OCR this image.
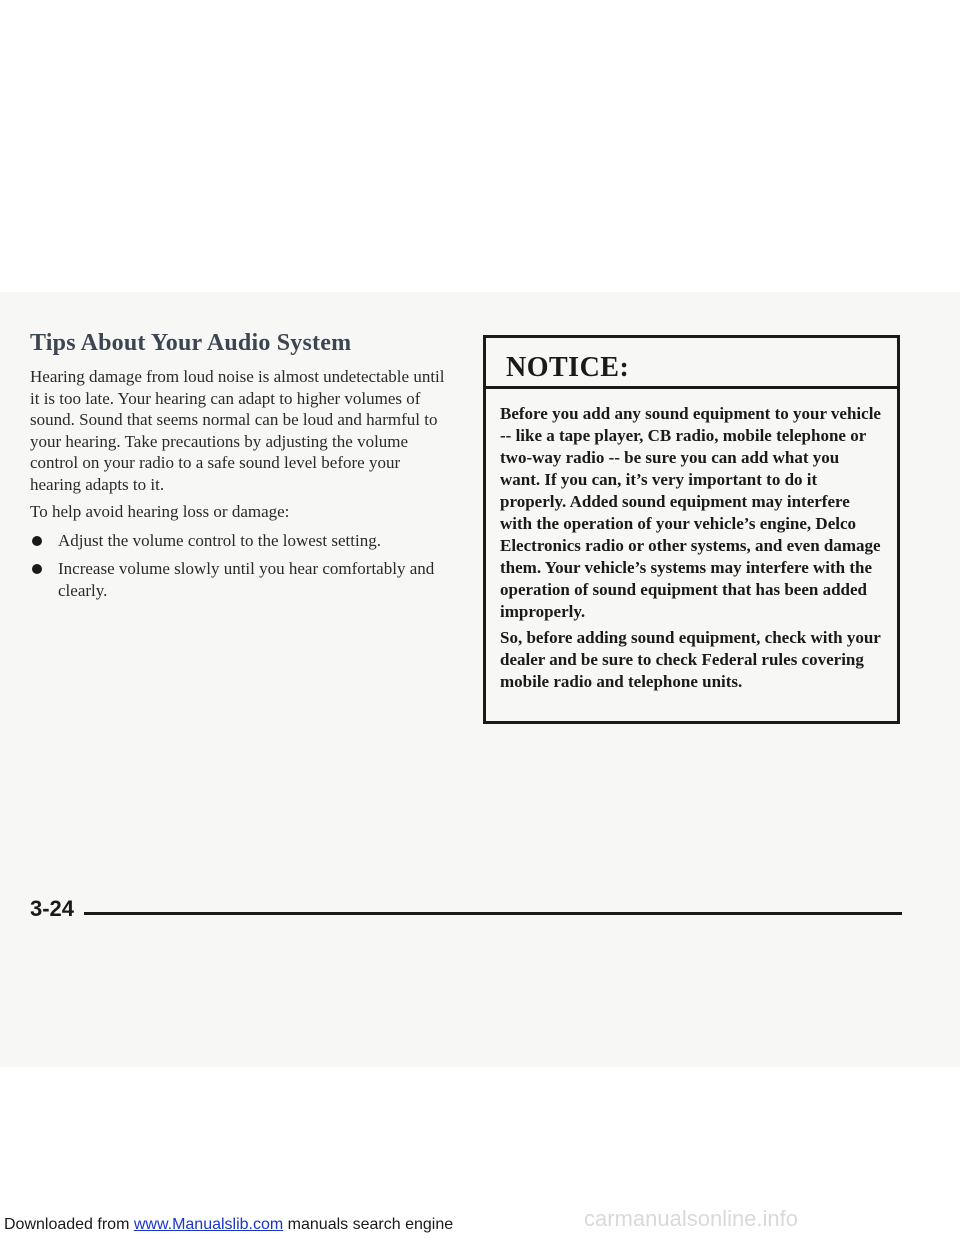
Tips About Your Audio System

Hearing damage from loud noise is almost undetectable until it is too late. Your hearing can adapt to higher volumes of sound. Sound that seems normal can be loud and harmful to your hearing. Take precautions by adjusting the volume control on your radio to a safe sound level before your hearing adapts to it.

To help avoid hearing loss or damage:

Adjust the volume control to the lowest setting.
Increase volume slowly until you hear comfortably and clearly.
NOTICE:

Before you add any sound equipment to your vehicle -- like a tape player, CB radio, mobile telephone or two-way radio -- be sure you can add what you want. If you can, it’s very important to do it properly. Added sound equipment may interfere with the operation of your vehicle’s engine, Delco Electronics radio or other systems, and even damage them. Your vehicle’s systems may interfere with the operation of sound equipment that has been added improperly.

So, before adding sound equipment, check with your dealer and be sure to check Federal rules covering mobile radio and telephone units.

3-24
Downloaded from www.Manualslib.com manuals search engine	carmanualsonline.info
